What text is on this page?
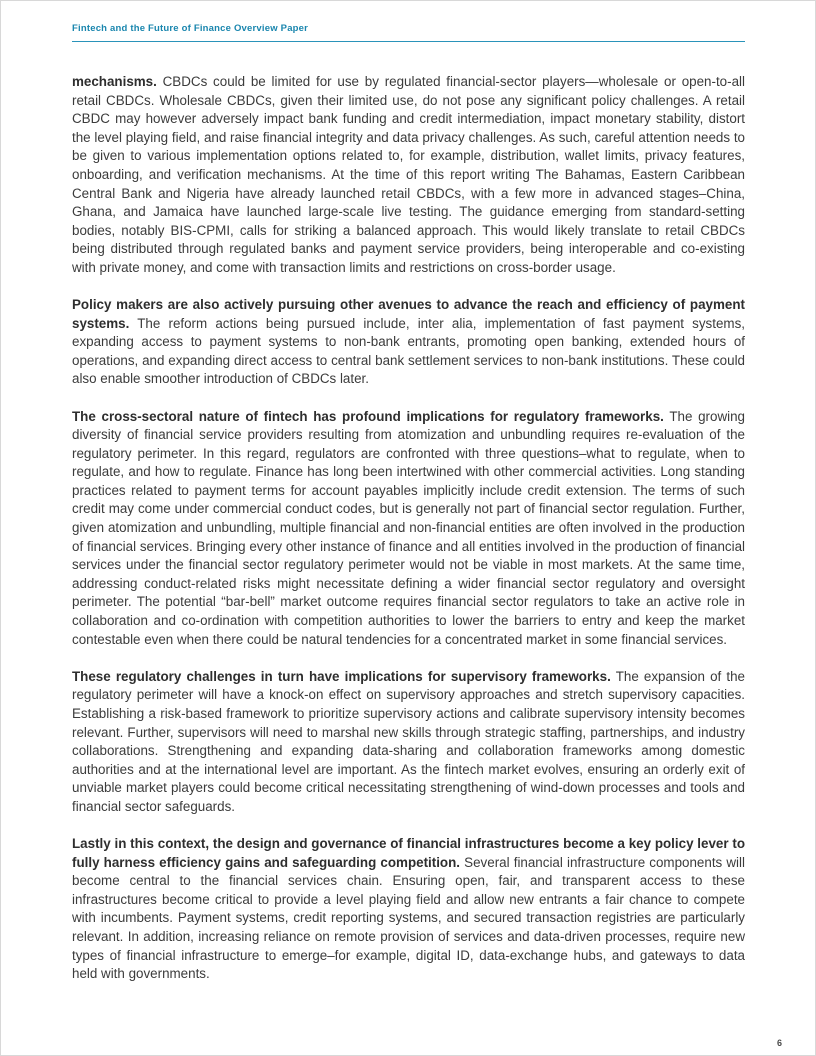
Fintech and the Future of Finance Overview Paper

mechanisms. CBDCs could be limited for use by regulated financial-sector players—wholesale or open-to-all retail CBDCs. Wholesale CBDCs, given their limited use, do not pose any significant policy challenges. A retail CBDC may however adversely impact bank funding and credit intermediation, impact monetary stability, distort the level playing field, and raise financial integrity and data privacy challenges. As such, careful attention needs to be given to various implementation options related to, for example, distribution, wallet limits, privacy features, onboarding, and verification mechanisms. At the time of this report writing The Bahamas, Eastern Caribbean Central Bank and Nigeria have already launched retail CBDCs, with a few more in advanced stages–China, Ghana, and Jamaica have launched large-scale live testing. The guidance emerging from standard-setting bodies, notably BIS-CPMI, calls for striking a balanced approach. This would likely translate to retail CBDCs being distributed through regulated banks and payment service providers, being interoperable and co-existing with private money, and come with transaction limits and restrictions on cross-border usage.

Policy makers are also actively pursuing other avenues to advance the reach and efficiency of payment systems. The reform actions being pursued include, inter alia, implementation of fast payment systems, expanding access to payment systems to non-bank entrants, promoting open banking, extended hours of operations, and expanding direct access to central bank settlement services to non-bank institutions. These could also enable smoother introduction of CBDCs later.

The cross-sectoral nature of fintech has profound implications for regulatory frameworks. The growing diversity of financial service providers resulting from atomization and unbundling requires re-evaluation of the regulatory perimeter. In this regard, regulators are confronted with three questions–what to regulate, when to regulate, and how to regulate. Finance has long been intertwined with other commercial activities. Long standing practices related to payment terms for account payables implicitly include credit extension. The terms of such credit may come under commercial conduct codes, but is generally not part of financial sector regulation. Further, given atomization and unbundling, multiple financial and non-financial entities are often involved in the production of financial services. Bringing every other instance of finance and all entities involved in the production of financial services under the financial sector regulatory perimeter would not be viable in most markets. At the same time, addressing conduct-related risks might necessitate defining a wider financial sector regulatory and oversight perimeter. The potential “bar-bell” market outcome requires financial sector regulators to take an active role in collaboration and co-ordination with competition authorities to lower the barriers to entry and keep the market contestable even when there could be natural tendencies for a concentrated market in some financial services.

These regulatory challenges in turn have implications for supervisory frameworks. The expansion of the regulatory perimeter will have a knock-on effect on supervisory approaches and stretch supervisory capacities. Establishing a risk-based framework to prioritize supervisory actions and calibrate supervisory intensity becomes relevant. Further, supervisors will need to marshal new skills through strategic staffing, partnerships, and industry collaborations. Strengthening and expanding data-sharing and collaboration frameworks among domestic authorities and at the international level are important. As the fintech market evolves, ensuring an orderly exit of unviable market players could become critical necessitating strengthening of wind-down processes and tools and financial sector safeguards.

Lastly in this context, the design and governance of financial infrastructures become a key policy lever to fully harness efficiency gains and safeguarding competition. Several financial infrastructure components will become central to the financial services chain. Ensuring open, fair, and transparent access to these infrastructures become critical to provide a level playing field and allow new entrants a fair chance to compete with incumbents. Payment systems, credit reporting systems, and secured transaction registries are particularly relevant. In addition, increasing reliance on remote provision of services and data-driven processes, require new types of financial infrastructure to emerge–for example, digital ID, data-exchange hubs, and gateways to data held with governments.

6
